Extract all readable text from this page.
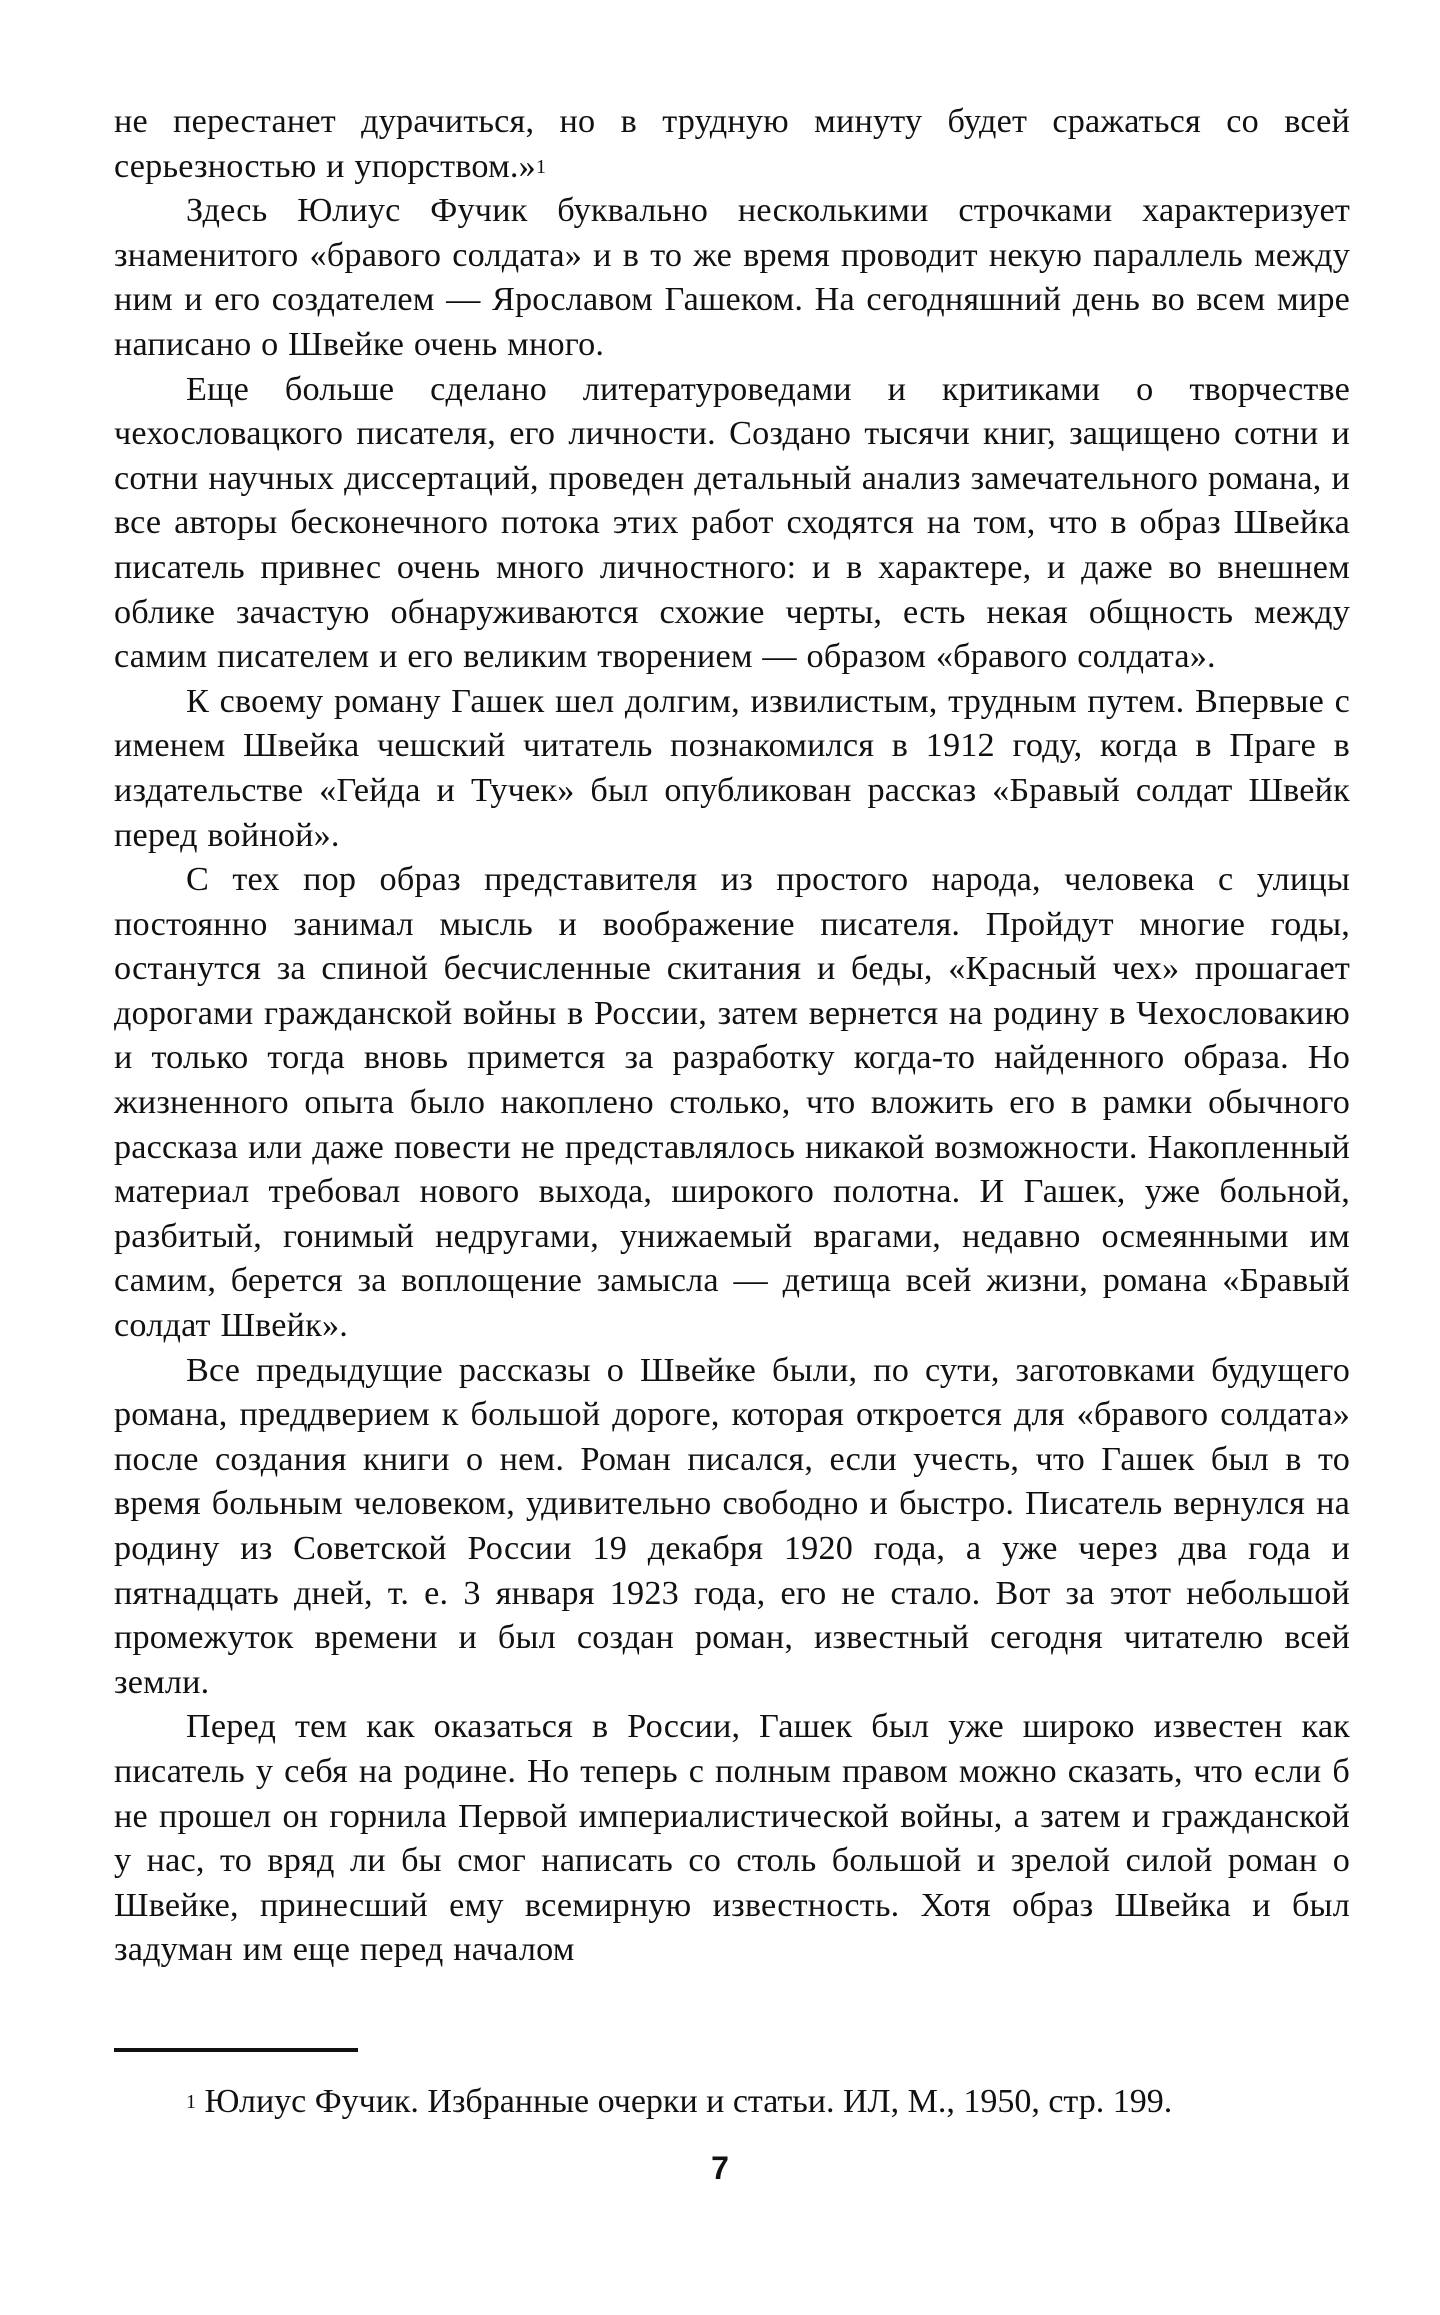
не перестанет дурачиться, но в трудную минуту будет сражаться со всей серьезностью и упорством.»$^1$

Здесь Юлиус Фучик буквально несколькими строчками характеризует знаменитого «бравого солдата» и в то же время проводит некую параллель между ним и его создателем — Ярославом Гашеком. На сегодняшний день во всем мире написано о Швейке очень много.

Еще больше сделано литературоведами и критиками о творчестве чехословацкого писателя, его личности. Создано тысячи книг, защищено сотни и сотни научных диссертаций, проведен детальный анализ замечательного романа, и все авторы бесконечного потока этих работ сходятся на том, что в образ Швейка писатель привнес очень много личностного: и в характере, и даже во внешнем облике зачастую обнаруживаются схожие черты, есть некая общность между самим писателем и его великим творением — образом «бравого солдата».

К своему роману Гашек шел долгим, извилистым, трудным путем. Впервые с именем Швейка чешский читатель познакомился в 1912 году, когда в Праге в издательстве «Гейда и Тучек» был опубликован рассказ «Бравый солдат Швейк перед войной».

С тех пор образ представителя из простого народа, человека с улицы постоянно занимал мысль и воображение писателя. Пройдут многие годы, останутся за спиной бесчисленные скитания и беды, «Красный чех» прошагает дорогами гражданской войны в России, затем вернется на родину в Чехословакию и только тогда вновь примется за разработку когда-то найденного образа. Но жизненного опыта было накоплено столько, что вложить его в рамки обычного рассказа или даже повести не представлялось никакой возможности. Накопленный материал требовал нового выхода, широкого полотна. И Гашек, уже больной, разбитый, гонимый недругами, унижаемый врагами, недавно осмеянными им самим, берется за воплощение замысла — детища всей жизни, романа «Бравый солдат Швейк».

Все предыдущие рассказы о Швейке были, по сути, заготовками будущего романа, преддверием к большой дороге, которая откроется для «бравого солдата» после создания книги о нем. Роман писался, если учесть, что Гашек был в то время больным человеком, удивительно свободно и быстро. Писатель вернулся на родину из Советской России 19 декабря 1920 года, а уже через два года и пятнадцать дней, т. е. 3 января 1923 года, его не стало. Вот за этот небольшой промежуток времени и был создан роман, известный сегодня читателю всей земли.

Перед тем как оказаться в России, Гашек был уже широко известен как писатель у себя на родине. Но теперь с полным правом можно сказать, что если б не прошел он горнила Первой империалистической войны, а затем и гражданской у нас, то вряд ли бы смог написать со столь большой и зрелой силой роман о Швейке, принесший ему всемирную известность. Хотя образ Швейка и был задуман им еще перед началом

$^1$ Юлиус Фучик. Избранные очерки и статьи. ИЛ, М., 1950, стр. 199.
7
